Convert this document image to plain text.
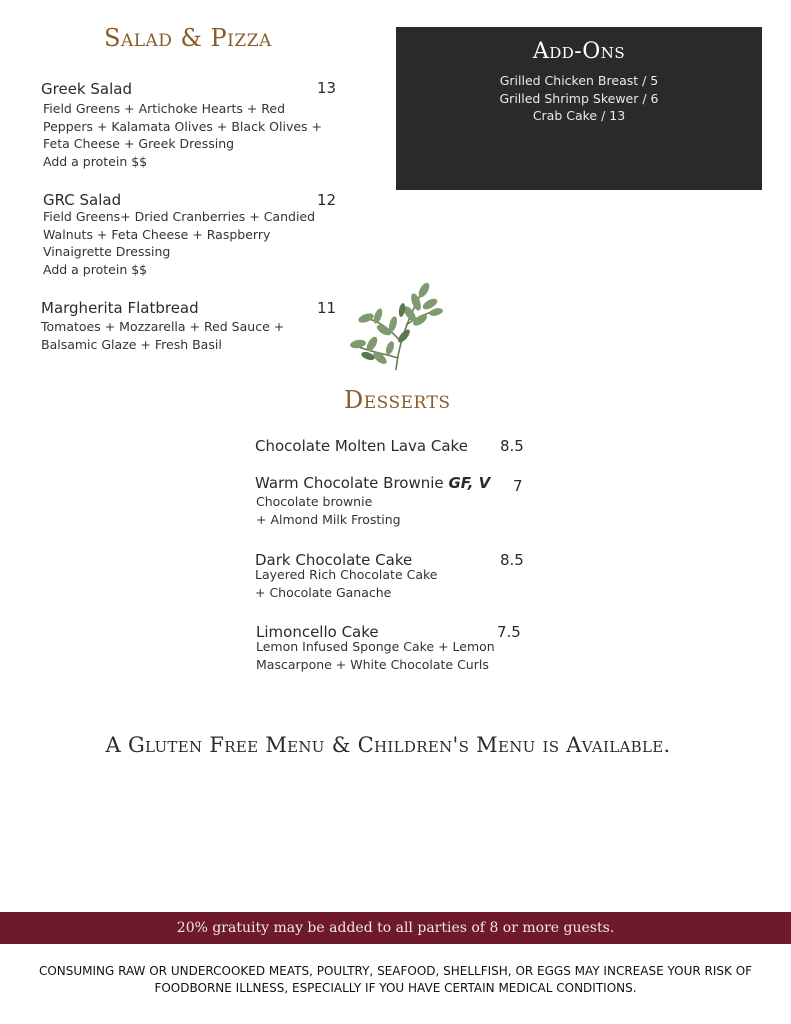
Salad & Pizza
Greek Salad	13
Field Greens + Artichoke Hearts + Red
Peppers + Kalamata Olives + Black Olives +
Feta Cheese + Greek Dressing
Add a protein $$
GRC Salad	12
Field Greens+ Dried Cranberries + Candied
Walnuts + Feta Cheese + Raspberry
Vinaigrette Dressing
Add a protein $$
Margherita Flatbread	11
Tomatoes + Mozzarella + Red Sauce +
Balsamic Glaze + Fresh Basil
Add-Ons
Grilled Chicken Breast / 5
Grilled Shrimp Skewer / 6
Crab Cake / 13
Desserts
Chocolate Molten Lava Cake 8.5
Warm Chocolate Brownie GF, V 7
Chocolate brownie
+ Almond Milk Frosting
Dark Chocolate Cake	8.5
Layered Rich Chocolate Cake
+ Chocolate Ganache
Limoncello Cake	7.5
Lemon Infused Sponge Cake + Lemon
Mascarpone + White Chocolate Curls
A Gluten Free Menu & Children's Menu is Available.
20% gratuity may be added to all parties of 8 or more guests.
CONSUMING RAW OR UNDERCOOKED MEATS, POULTRY, SEAFOOD, SHELLFISH, OR EGGS MAY INCREASE YOUR RISK OF
FOODBORNE ILLNESS, ESPECIALLY IF YOU HAVE CERTAIN MEDICAL CONDITIONS.
